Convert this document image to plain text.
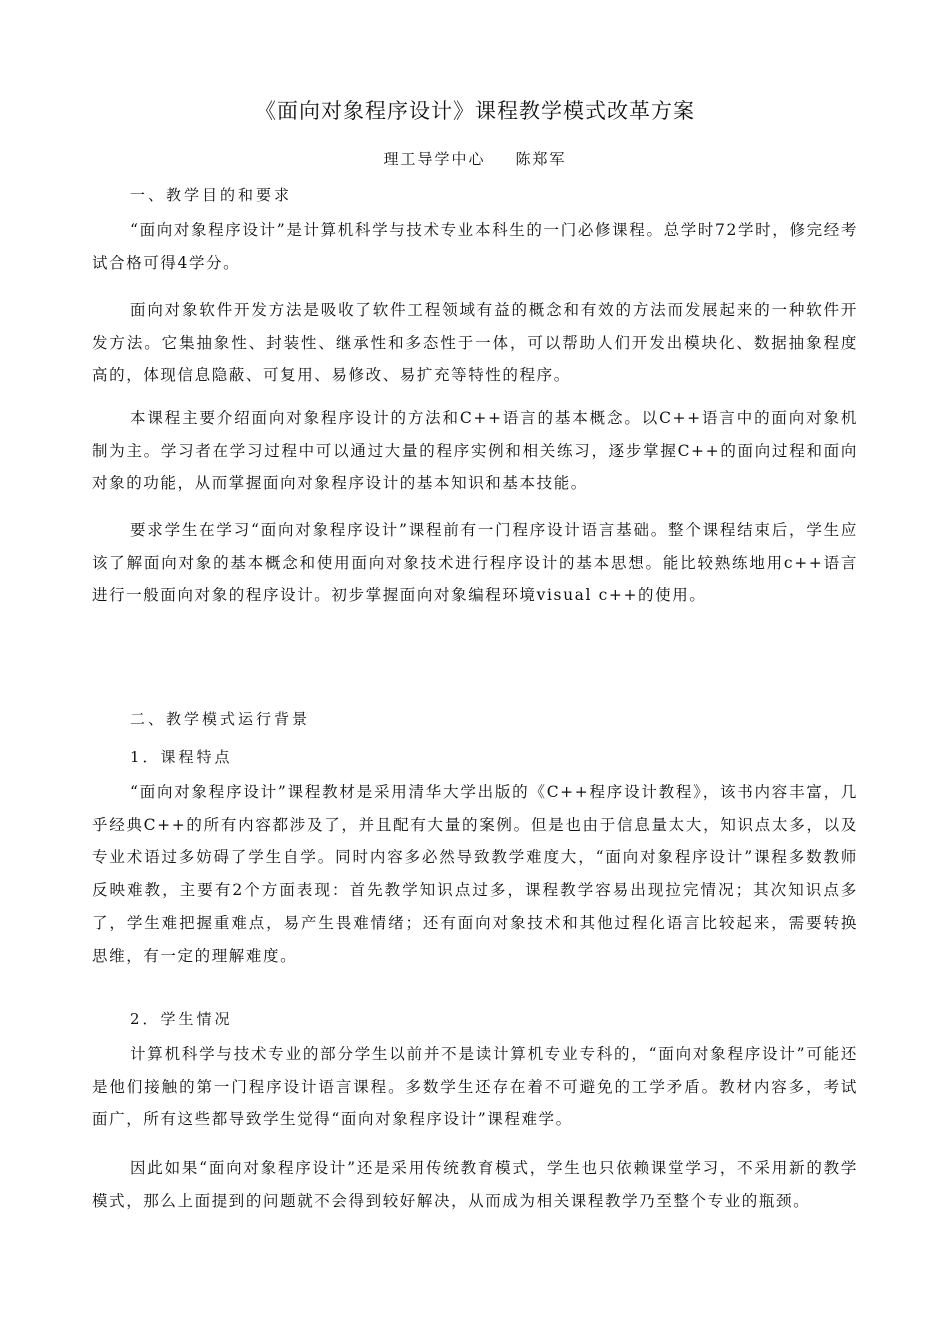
《面向对象程序设计》课程教学模式改革方案
理工导学中心 陈郑军
一、教学目的和要求

“面向对象程序设计”是计算机科学与技术专业本科生的一门必修课程。总学时72学时，修完经考试合格可得4学分。

面向对象软件开发方法是吸收了软件工程领域有益的概念和有效的方法而发展起来的一种软件开发方法。它集抽象性、封装性、继承性和多态性于一体，可以帮助人们开发出模块化、数据抽象程度高的，体现信息隐蔽、可复用、易修改、易扩充等特性的程序。

本课程主要介绍面向对象程序设计的方法和C++语言的基本概念。以C++语言中的面向对象机制为主。学习者在学习过程中可以通过大量的程序实例和相关练习，逐步掌握C++的面向过程和面向对象的功能，从而掌握面向对象程序设计的基本知识和基本技能。

要求学生在学习“面向对象程序设计”课程前有一门程序设计语言基础。整个课程结束后，学生应该了解面向对象的基本概念和使用面向对象技术进行程序设计的基本思想。能比较熟练地用c++语言进行一般面向对象的程序设计。初步掌握面向对象编程环境visual c++的使用。

二、教学模式运行背景
1．课程特点

“面向对象程序设计”课程教材是采用清华大学出版的《C++程序设计教程》，该书内容丰富，几乎经典C++的所有内容都涉及了，并且配有大量的案例。但是也由于信息量太大，知识点太多，以及专业术语过多妨碍了学生自学。同时内容多必然导致教学难度大，“面向对象程序设计”课程多数教师反映难教，主要有2个方面表现：首先教学知识点过多，课程教学容易出现拉完情况；其次知识点多了，学生难把握重难点，易产生畏难情绪；还有面向对象技术和其他过程化语言比较起来，需要转换思维，有一定的理解难度。

2．学生情况

计算机科学与技术专业的部分学生以前并不是读计算机专业专科的，“面向对象程序设计”可能还是他们接触的第一门程序设计语言课程。多数学生还存在着不可避免的工学矛盾。教材内容多，考试面广，所有这些都导致学生觉得“面向对象程序设计”课程难学。

因此如果“面向对象程序设计”还是采用传统教育模式，学生也只依赖课堂学习，不采用新的教学模式，那么上面提到的问题就不会得到较好解决，从而成为相关课程教学乃至整个专业的瓶颈。
